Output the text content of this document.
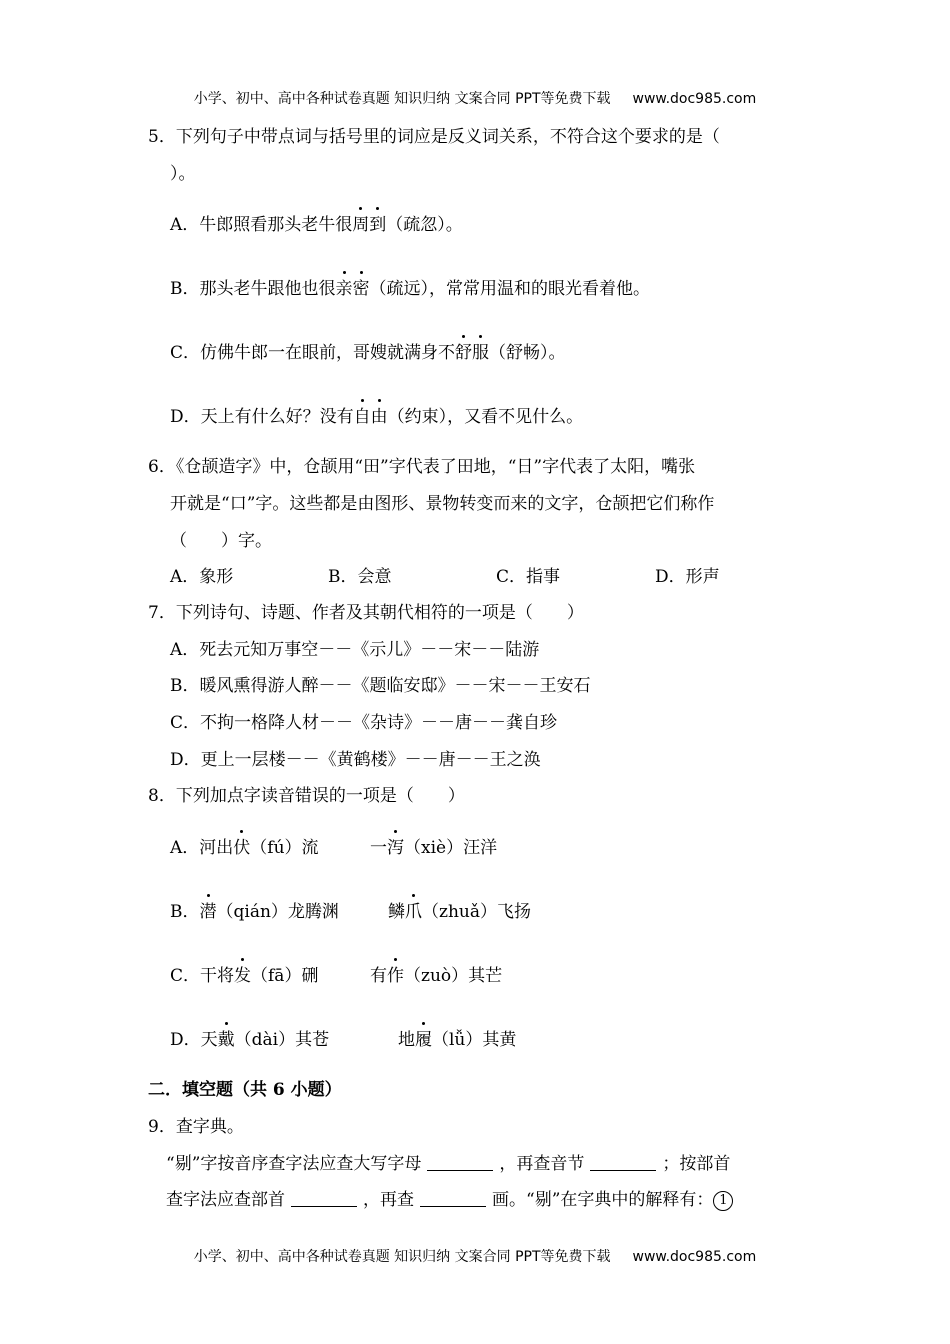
小学、初中、高中各种试卷真题 知识归纳 文案合同 PPT等免费下载 www.doc985.com
5．下列句子中带点词与括号里的词应是反义词关系，不符合这个要求的是（
）。
A．牛郎照看那头老牛很周到（疏忽）。
B．那头老牛跟他也很亲密（疏远），常常用温和的眼光看着他。
C．仿佛牛郎一在眼前，哥嫂就满身不舒服（舒畅）。
D．天上有什么好？没有自由（约束），又看不见什么。
6．《仓颉造字》中，仓颉用“田”字代表了田地，“日”字代表了太阳，嘴张
开就是“口”字。这些都是由图形、景物转变而来的文字，仓颉把它们称作
（　　）字。
A．象形	B．会意	C．指事	D．形声
7．下列诗句、诗题、作者及其朝代相符的一项是（　　）
A．死去元知万事空－－《示儿》－－宋－－陆游
B．暖风熏得游人醉－－《题临安邸》－－宋－－王安石
C．不拘一格降人材－－《杂诗》－－唐－－龚自珍
D．更上一层楼－－《黄鹤楼》－－唐－－王之涣
8．下列加点字读音错误的一项是（　　）
A．河出伏（fú）流	一泻（xiè）汪洋
B．潜（qián）龙腾渊	鳞爪（zhuǎ）飞扬
C．干将发（fā）硎	有作（zuò）其芒
D．天戴（dài）其苍	地履（lǚ）其黄
二．填空题（共 6 小题）
9．查字典。
“剔”字按音序查字法应查大写字母	，再查音节	；按部首
查字法应查部首	，再查	画。“剔”在字典中的解释有： 1
小学、初中、高中各种试卷真题 知识归纳 文案合同 PPT等免费下载 www.doc985.com
